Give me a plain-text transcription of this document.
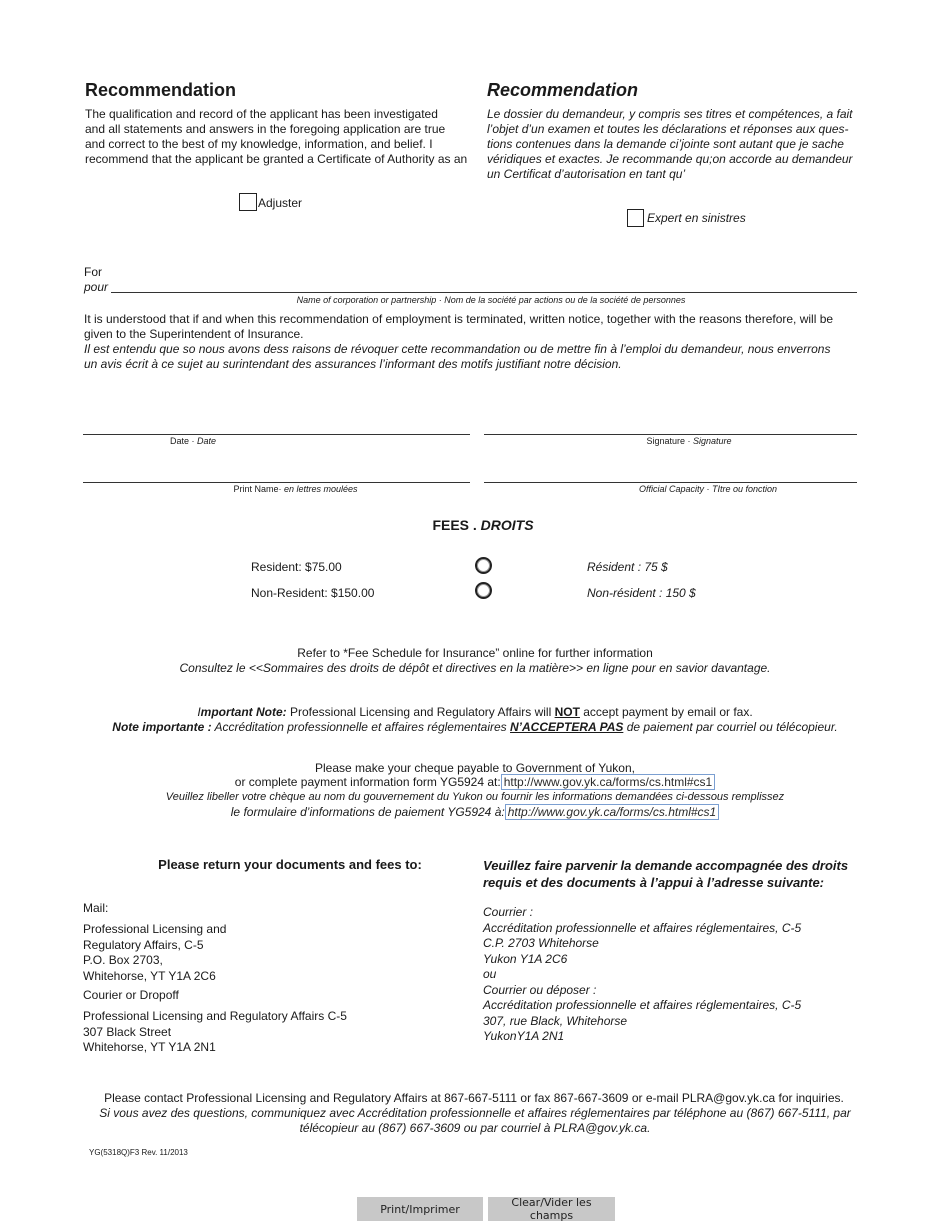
Recommendation	Recommendation
The qualification and record of the applicant has been investigated
and all statements and answers in the foregoing application are true
and correct to the best of my knowledge, information, and belief. I
recommend that the applicant be granted a Certificate of Authority as an
Le dossier du demandeur, y compris ses titres et compétences, a fait
l’objet d’un examen et toutes les déclarations et réponses aux ques-
tions contenues dans la demande ci’jointe sont autant que je sache
véridiques et exactes. Je recommande qu;on accorde au demandeur
un Certificat d’autorisation en tant qu’
Adjuster
Expert en sinistres
For
pour
Name of corporation or partnership · Nom de la société par actions ou de la société de personnes
It is understood that if and when this recommendation of employment is terminated, written notice, together with the reasons therefore, will be
given to the Superintendent of Insurance.
Il est entendu que so nous avons dess raisons de révoquer cette recommandation ou de mettre fin à l’emploi du demandeur, nous enverrons
un avis écrit à ce sujet au surintendant des assurances l’informant des motifs justifiant notre décision.
Date · Date	Signature · Signature
Print Name· en lettres moulées	Official Capacity · TItre ou fonction
FEES . DROITS
Resident: $75.00	Résident : 75 $
Non-Resident: $150.00	Non-résident : 150 $
Refer to *Fee Schedule for Insurance” online for further information
Consultez le <<Sommaires des droits de dépôt et directives en la matière>> en ligne pour en savior davantage.
Important Note: Professional Licensing and Regulatory Affairs will NOT accept payment by email or fax.
Note importante : Accréditation professionnelle et affaires réglementaires N’ACCEPTERA PAS de paiement par courriel ou télécopieur.
Please make your cheque payable to Government of Yukon,
or complete payment information form YG5924 at: http://www.gov.yk.ca/forms/cs.html#cs1
Veuillez libeller votre chèque au nom du gouvernement du Yukon ou fournir les informations demandées ci-dessous remplissez
le formulaire d’informations de paiement YG5924 à: http://www.gov.yk.ca/forms/cs.html#cs1
Please return your documents and fees to:	Veuillez faire parvenir la demande accompagnée des droits
requis et des documents à l’appui à l’adresse suivante:
Mail:
Professional Licensing and
Regulatory Affairs, C-5
P.O. Box 2703,
Whitehorse, YT Y1A 2C6
Courier or Dropoff
Professional Licensing and Regulatory Affairs C-5
307 Black Street
Whitehorse, YT Y1A 2N1
Courrier :
Accréditation professionnelle et affaires réglementaires, C-5
C.P. 2703 Whitehorse
Yukon Y1A 2C6
ou
Courrier ou déposer :
Accréditation professionnelle et affaires réglementaires, C-5
307, rue Black, Whitehorse
YukonY1A 2N1
Please contact Professional Licensing and Regulatory Affairs at 867-667-5111 or fax 867-667-3609 or e-mail PLRA@gov.yk.ca for inquiries.
Si vous avez des questions, communiquez avec Accréditation professionnelle et affaires réglementaires par téléphone au (867) 667-5111, par
télécopieur au (867) 667-3609 ou par courriel à PLRA@gov.yk.ca.
YG(5318Q)F3 Rev. 11/2013
Print/Imprimer	Clear/Vider les champs
